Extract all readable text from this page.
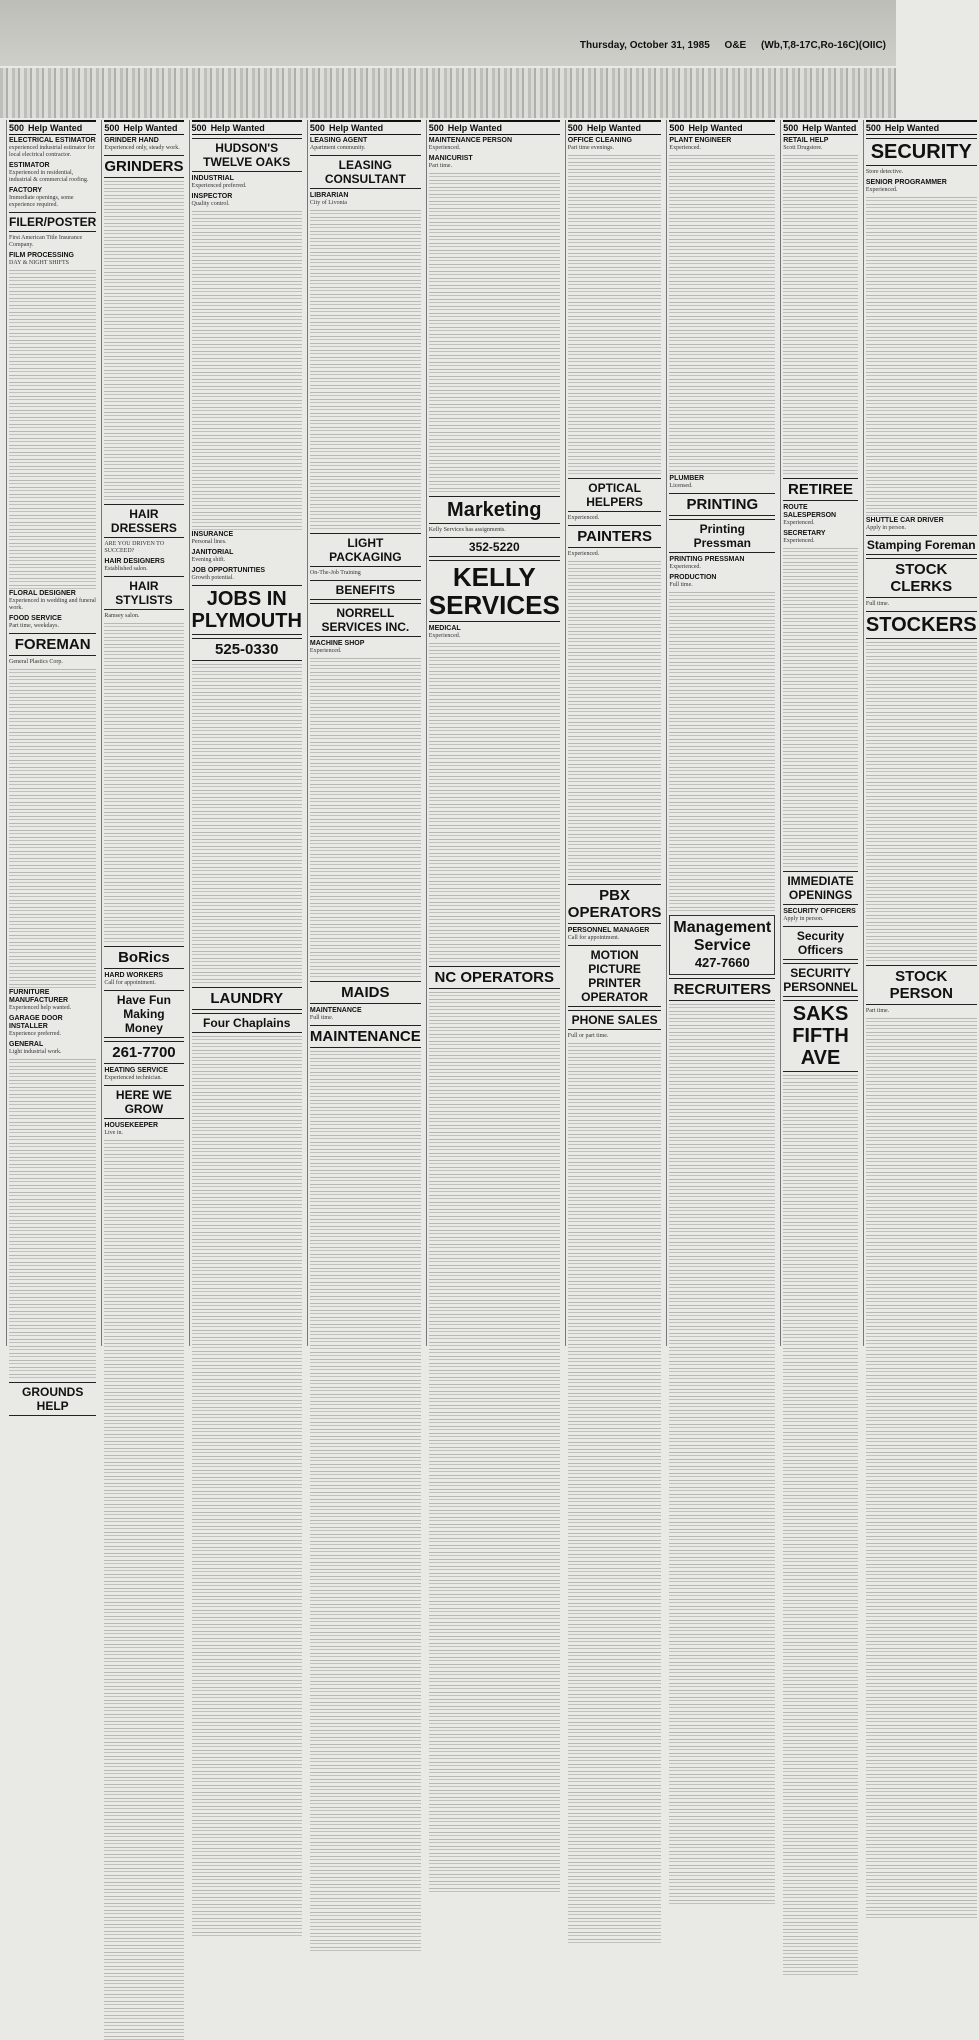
Thursday, October 31, 1985 O&E (Wb,T,8-17C,Ro-16C)(OIIC)
500 Help Wanted
ELECTRICAL ESTIMATOR
experienced industrial estimator for local electrical contractor.
ESTIMATOR
Experienced in residential, industrial & commercial roofing.
FACTORY
Immediate openings, some experience required.
FILER/POSTER
First American Title Insurance Company.
FILM PROCESSING
DAY & NIGHT SHIFTS
FLORAL DESIGNER
Experienced in wedding and funeral work.
FOOD SERVICE
Part time, weekdays.
FOREMAN
General Plastics Corp.
FURNITURE MANUFACTURER
Experienced help wanted.
GARAGE DOOR INSTALLER
Experience preferred.
GENERAL
Light industrial work.
GROUNDS HELP
500 Help Wanted
GRINDER HAND
Experienced only, steady work.
GRINDERS
HAIR DRESSERS
ARE YOU DRIVEN TO SUCCEED?
HAIR DESIGNERS
Established salon.
HAIR STYLISTS
Ramsey salon.
BoRics
HARD WORKERS
Call for appointment.
Have Fun Making Money
261-7700
HEATING SERVICE
Experienced technician.
HERE WE GROW
HOUSEKEEPER
Live in.
500 Help Wanted
HUDSON'S TWELVE OAKS
INDUSTRIAL
Experienced preferred.
INSPECTOR
Quality control.
INSURANCE
Personal lines.
JANITORIAL
Evening shift.
JOB OPPORTUNITIES
Growth potential.
JOBS IN PLYMOUTH
525-0330
LAUNDRY
Four Chaplains
500 Help Wanted
LEASING AGENT
Apartment community.
LEASING CONSULTANT
LIBRARIAN
City of Livonia
LIGHT PACKAGING
On-The-Job Training
BENEFITS
NORRELL SERVICES INC.
MACHINE SHOP
Experienced.
MAIDS
MAINTENANCE
Full time.
MAINTENANCE
500 Help Wanted
MAINTENANCE PERSON
Experienced.
MANICURIST
Part time.
Marketing
Kelly Services has assignments.
352-5220
KELLY SERVICES
MEDICAL
Experienced.
NC OPERATORS
500 Help Wanted
OFFICE CLEANING
Part time evenings.
OPTICAL HELPERS
Experienced.
PAINTERS
Experienced.
PBX OPERATORS
PERSONNEL MANAGER
Call for appointment.
MOTION PICTURE PRINTER OPERATOR
PHONE SALES
Full or part time.
500 Help Wanted
PLANT ENGINEER
Experienced.
PLUMBER
Licensed.
PRINTING
Printing Pressman
PRINTING PRESSMAN
Experienced.
PRODUCTION
Full time.
Management Service
427-7660
RECRUITERS
500 Help Wanted
RETAIL HELP
Scott Drugstore.
RETIREE
ROUTE SALESPERSON
Experienced.
SECRETARY
Experienced.
IMMEDIATE OPENINGS
SECURITY OFFICERS
Apply in person.
Security Officers
SECURITY PERSONNEL
SAKS FIFTH AVE
500 Help Wanted
SECURITY
Store detective.
SENIOR PROGRAMMER
Experienced.
SHUTTLE CAR DRIVER
Apply in person.
Stamping Foreman
STOCK CLERKS
Full time.
STOCKERS
STOCK PERSON
Part time.
